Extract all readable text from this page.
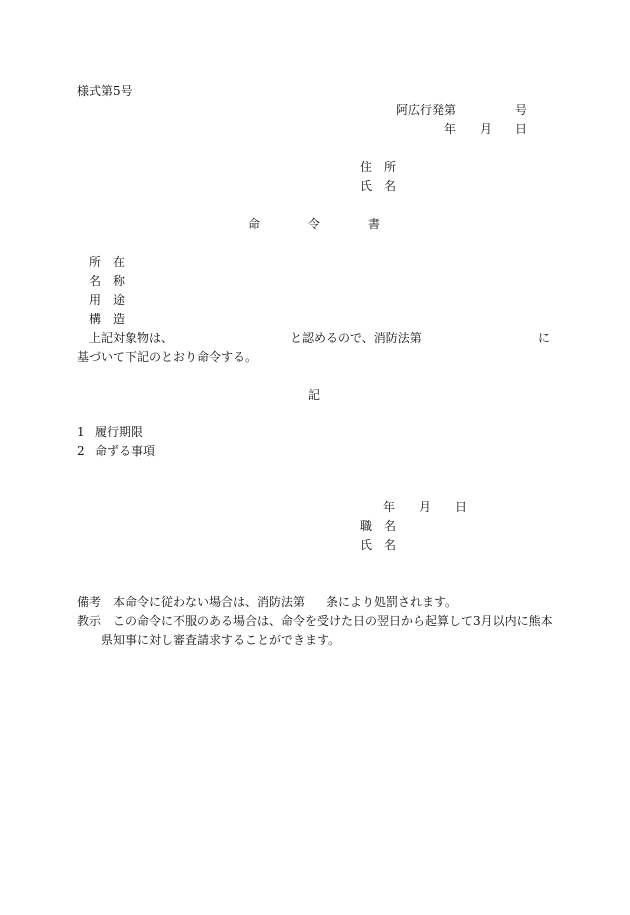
様式第5号
阿広行発第	号
年 月 日
住　所
氏　名
命	令	書
所　在
名　称
用　途
構　造
上記対象物は、	と認めるので、消防法第	に
基づいて下記のとおり命令する。
記
1 履行期限
2 命ずる事項
年 月 日
職　名
氏　名
備考 本命令に従わない場合は、消防法第 条により処罰されます。
教示 この命令に不服のある場合は、命令を受けた日の翌日から起算して3月以内に熊本
県知事に対し審査請求することができます。
